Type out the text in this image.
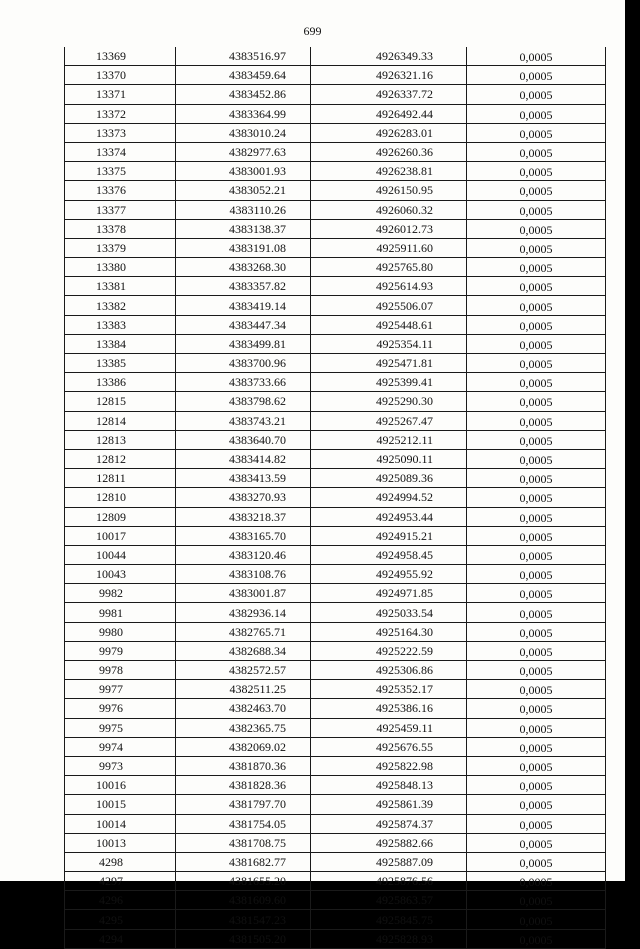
699
13369	4383516.97	4926349.33	0,0005
13370	4383459.64	4926321.16	0,0005
13371	4383452.86	4926337.72	0,0005
13372	4383364.99	4926492.44	0,0005
13373	4383010.24	4926283.01	0,0005
13374	4382977.63	4926260.36	0,0005
13375	4383001.93	4926238.81	0,0005
13376	4383052.21	4926150.95	0,0005
13377	4383110.26	4926060.32	0,0005
13378	4383138.37	4926012.73	0,0005
13379	4383191.08	4925911.60	0,0005
13380	4383268.30	4925765.80	0,0005
13381	4383357.82	4925614.93	0,0005
13382	4383419.14	4925506.07	0,0005
13383	4383447.34	4925448.61	0,0005
13384	4383499.81	4925354.11	0,0005
13385	4383700.96	4925471.81	0,0005
13386	4383733.66	4925399.41	0,0005
12815	4383798.62	4925290.30	0,0005
12814	4383743.21	4925267.47	0,0005
12813	4383640.70	4925212.11	0,0005
12812	4383414.82	4925090.11	0,0005
12811	4383413.59	4925089.36	0,0005
12810	4383270.93	4924994.52	0,0005
12809	4383218.37	4924953.44	0,0005
10017	4383165.70	4924915.21	0,0005
10044	4383120.46	4924958.45	0,0005
10043	4383108.76	4924955.92	0,0005
9982	4383001.87	4924971.85	0,0005
9981	4382936.14	4925033.54	0,0005
9980	4382765.71	4925164.30	0,0005
9979	4382688.34	4925222.59	0,0005
9978	4382572.57	4925306.86	0,0005
9977	4382511.25	4925352.17	0,0005
9976	4382463.70	4925386.16	0,0005
9975	4382365.75	4925459.11	0,0005
9974	4382069.02	4925676.55	0,0005
9973	4381870.36	4925822.98	0,0005
10016	4381828.36	4925848.13	0,0005
10015	4381797.70	4925861.39	0,0005
10014	4381754.05	4925874.37	0,0005
10013	4381708.75	4925882.66	0,0005
4298	4381682.77	4925887.09	0,0005
4297	4381655.20	4925876.56	0,0005
4296	4381609.60	4925863.57	0,0005
4295	4381547.23	4925845.75	0,0005
4294	4381505.20	4925828.93	0,0005
